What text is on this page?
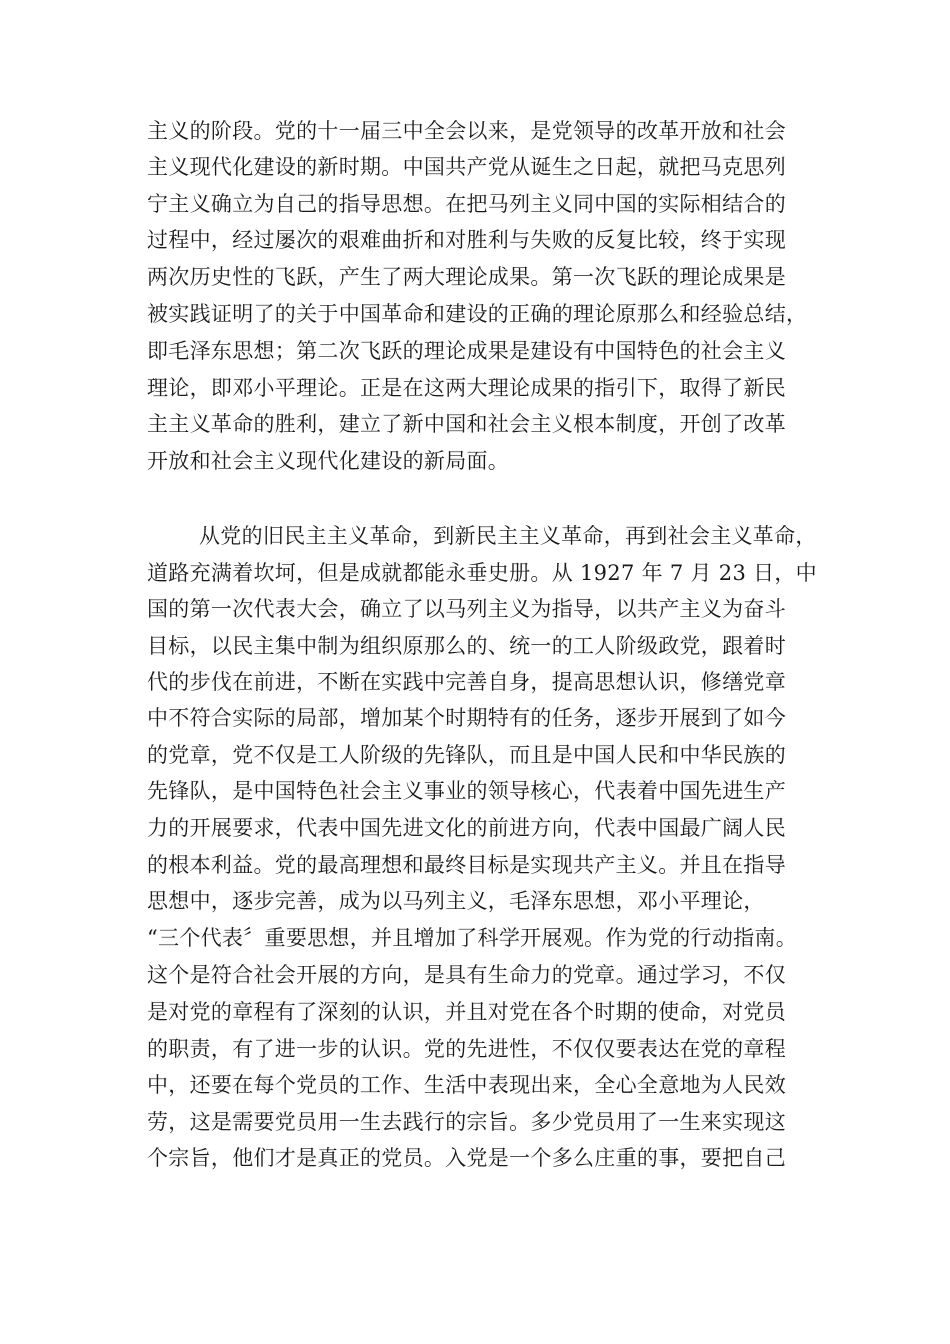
主义的阶段。党的十一届三中全会以来，是党领导的改革开放和社会
主义现代化建设的新时期。中国共产党从诞生之日起，就把马克思列
宁主义确立为自己的指导思想。在把马列主义同中国的实际相结合的
过程中，经过屡次的艰难曲折和对胜利与失败的反复比较，终于实现
两次历史性的飞跃，产生了两大理论成果。第一次飞跃的理论成果是
被实践证明了的关于中国革命和建设的正确的理论原那么和经验总结，
即毛泽东思想；第二次飞跃的理论成果是建设有中国特色的社会主义
理论，即邓小平理论。正是在这两大理论成果的指引下，取得了新民
主主义革命的胜利，建立了新中国和社会主义根本制度，开创了改革
开放和社会主义现代化建设的新局面。
从党的旧民主主义革命，到新民主主义革命，再到社会主义革命，
道路充满着坎坷，但是成就都能永垂史册。从 1927 年 7 月 23 日，中
国的第一次代表大会，确立了以马列主义为指导，以共产主义为奋斗
目标，以民主集中制为组织原那么的、统一的工人阶级政党，跟着时
代的步伐在前进，不断在实践中完善自身，提高思想认识，修缮党章
中不符合实际的局部，增加某个时期特有的任务，逐步开展到了如今
的党章，党不仅是工人阶级的先锋队，而且是中国人民和中华民族的
先锋队，是中国特色社会主义事业的领导核心，代表着中国先进生产
力的开展要求，代表中国先进文化的前进方向，代表中国最广阔人民
的根本利益。党的最高理想和最终目标是实现共产主义。并且在指导
思想中，逐步完善，成为以马列主义，毛泽东思想，邓小平理论，
“三个代表〞重要思想，并且增加了科学开展观。作为党的行动指南。
这个是符合社会开展的方向，是具有生命力的党章。通过学习，不仅
是对党的章程有了深刻的认识，并且对党在各个时期的使命，对党员
的职责，有了进一步的认识。党的先进性，不仅仅要表达在党的章程
中，还要在每个党员的工作、生活中表现出来，全心全意地为人民效
劳，这是需要党员用一生去践行的宗旨。多少党员用了一生来实现这
个宗旨，他们才是真正的党员。入党是一个多么庄重的事，要把自己
